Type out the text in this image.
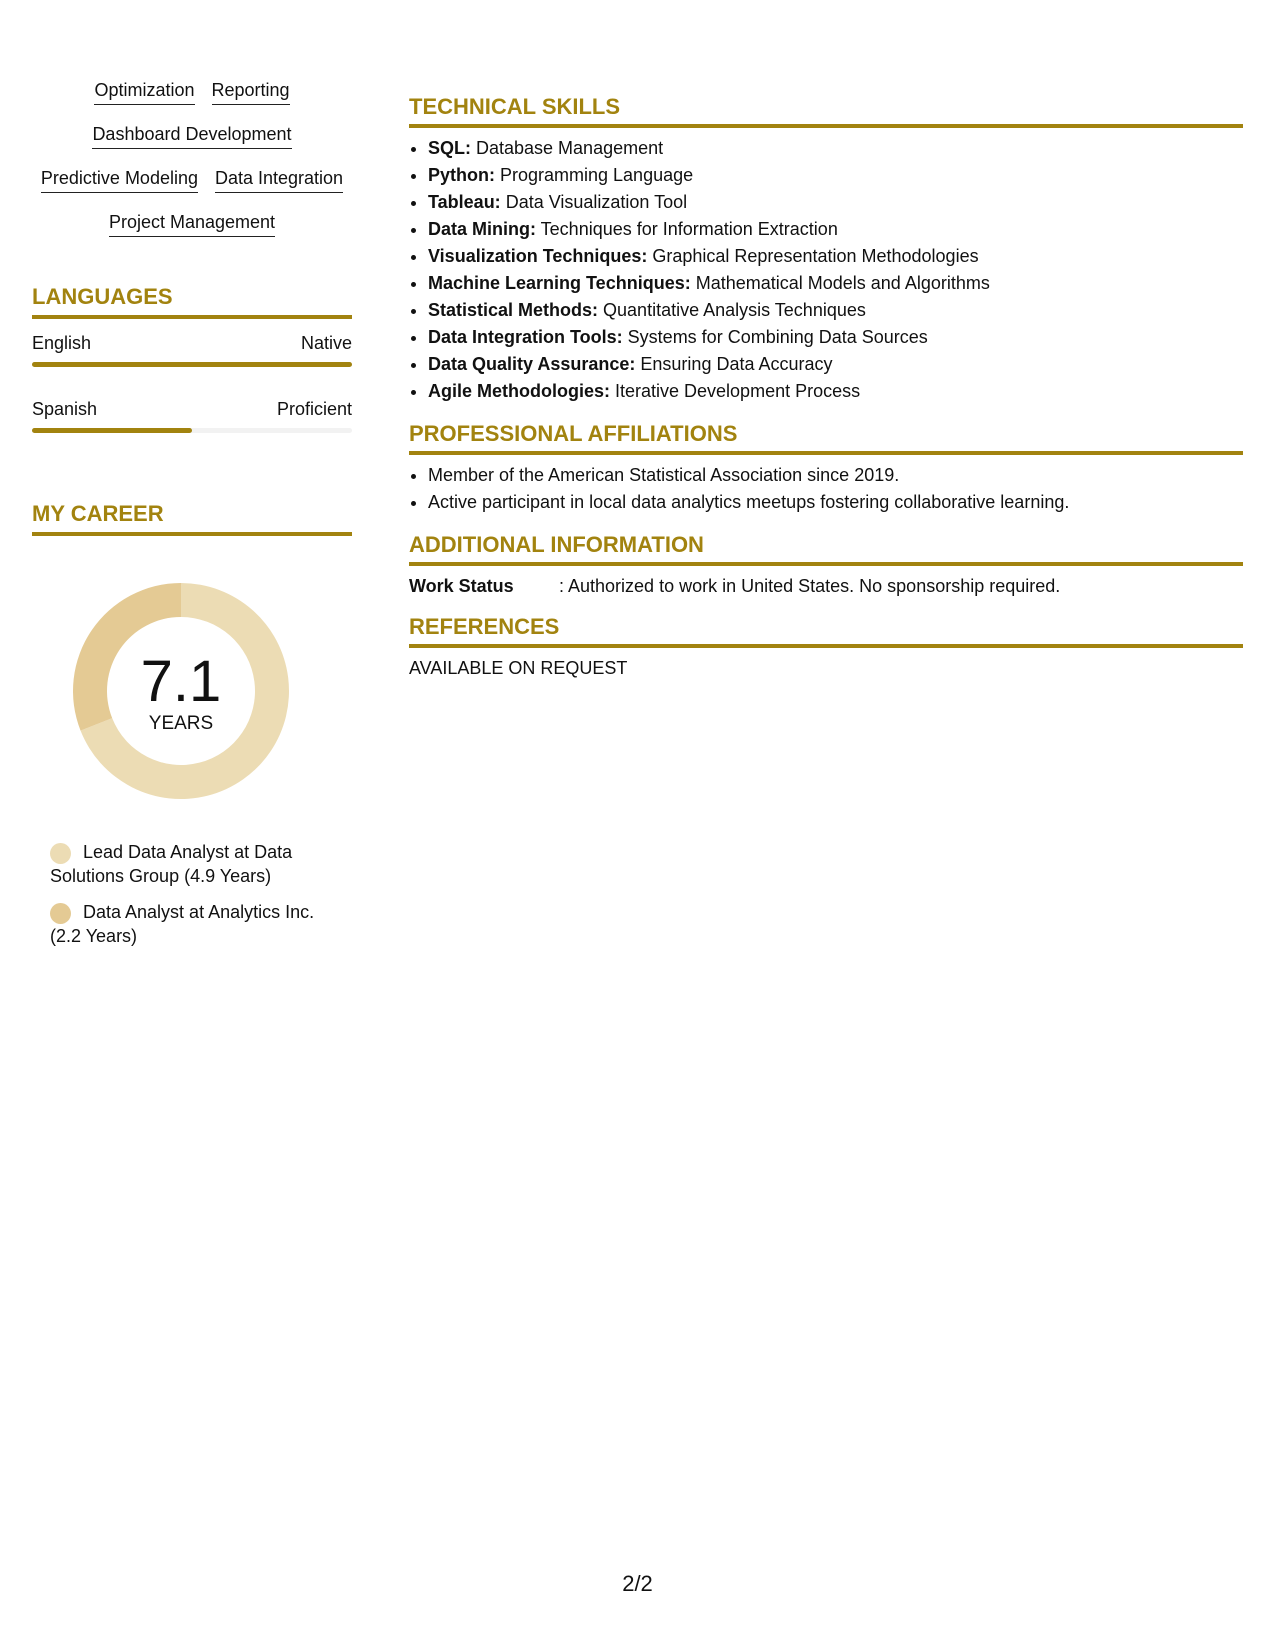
Optimization Reporting
Dashboard Development
Predictive Modeling Data Integration
Project Management
LANGUAGES
English	Native
Spanish	Proficient
MY CAREER
7.1
YEARS
Lead Data Analyst at Data Solutions Group (4.9 Years)
Data Analyst at Analytics Inc. (2.2 Years)
TECHNICAL SKILLS
• SQL: Database Management
• Python: Programming Language
• Tableau: Data Visualization Tool
• Data Mining: Techniques for Information Extraction
• Visualization Techniques: Graphical Representation Methodologies
• Machine Learning Techniques: Mathematical Models and Algorithms
• Statistical Methods: Quantitative Analysis Techniques
• Data Integration Tools: Systems for Combining Data Sources
• Data Quality Assurance: Ensuring Data Accuracy
• Agile Methodologies: Iterative Development Process
PROFESSIONAL AFFILIATIONS
• Member of the American Statistical Association since 2019.
• Active participant in local data analytics meetups fostering collaborative learning.
ADDITIONAL INFORMATION
Work Status	: Authorized to work in United States. No sponsorship required.
REFERENCES
AVAILABLE ON REQUEST
2/2
